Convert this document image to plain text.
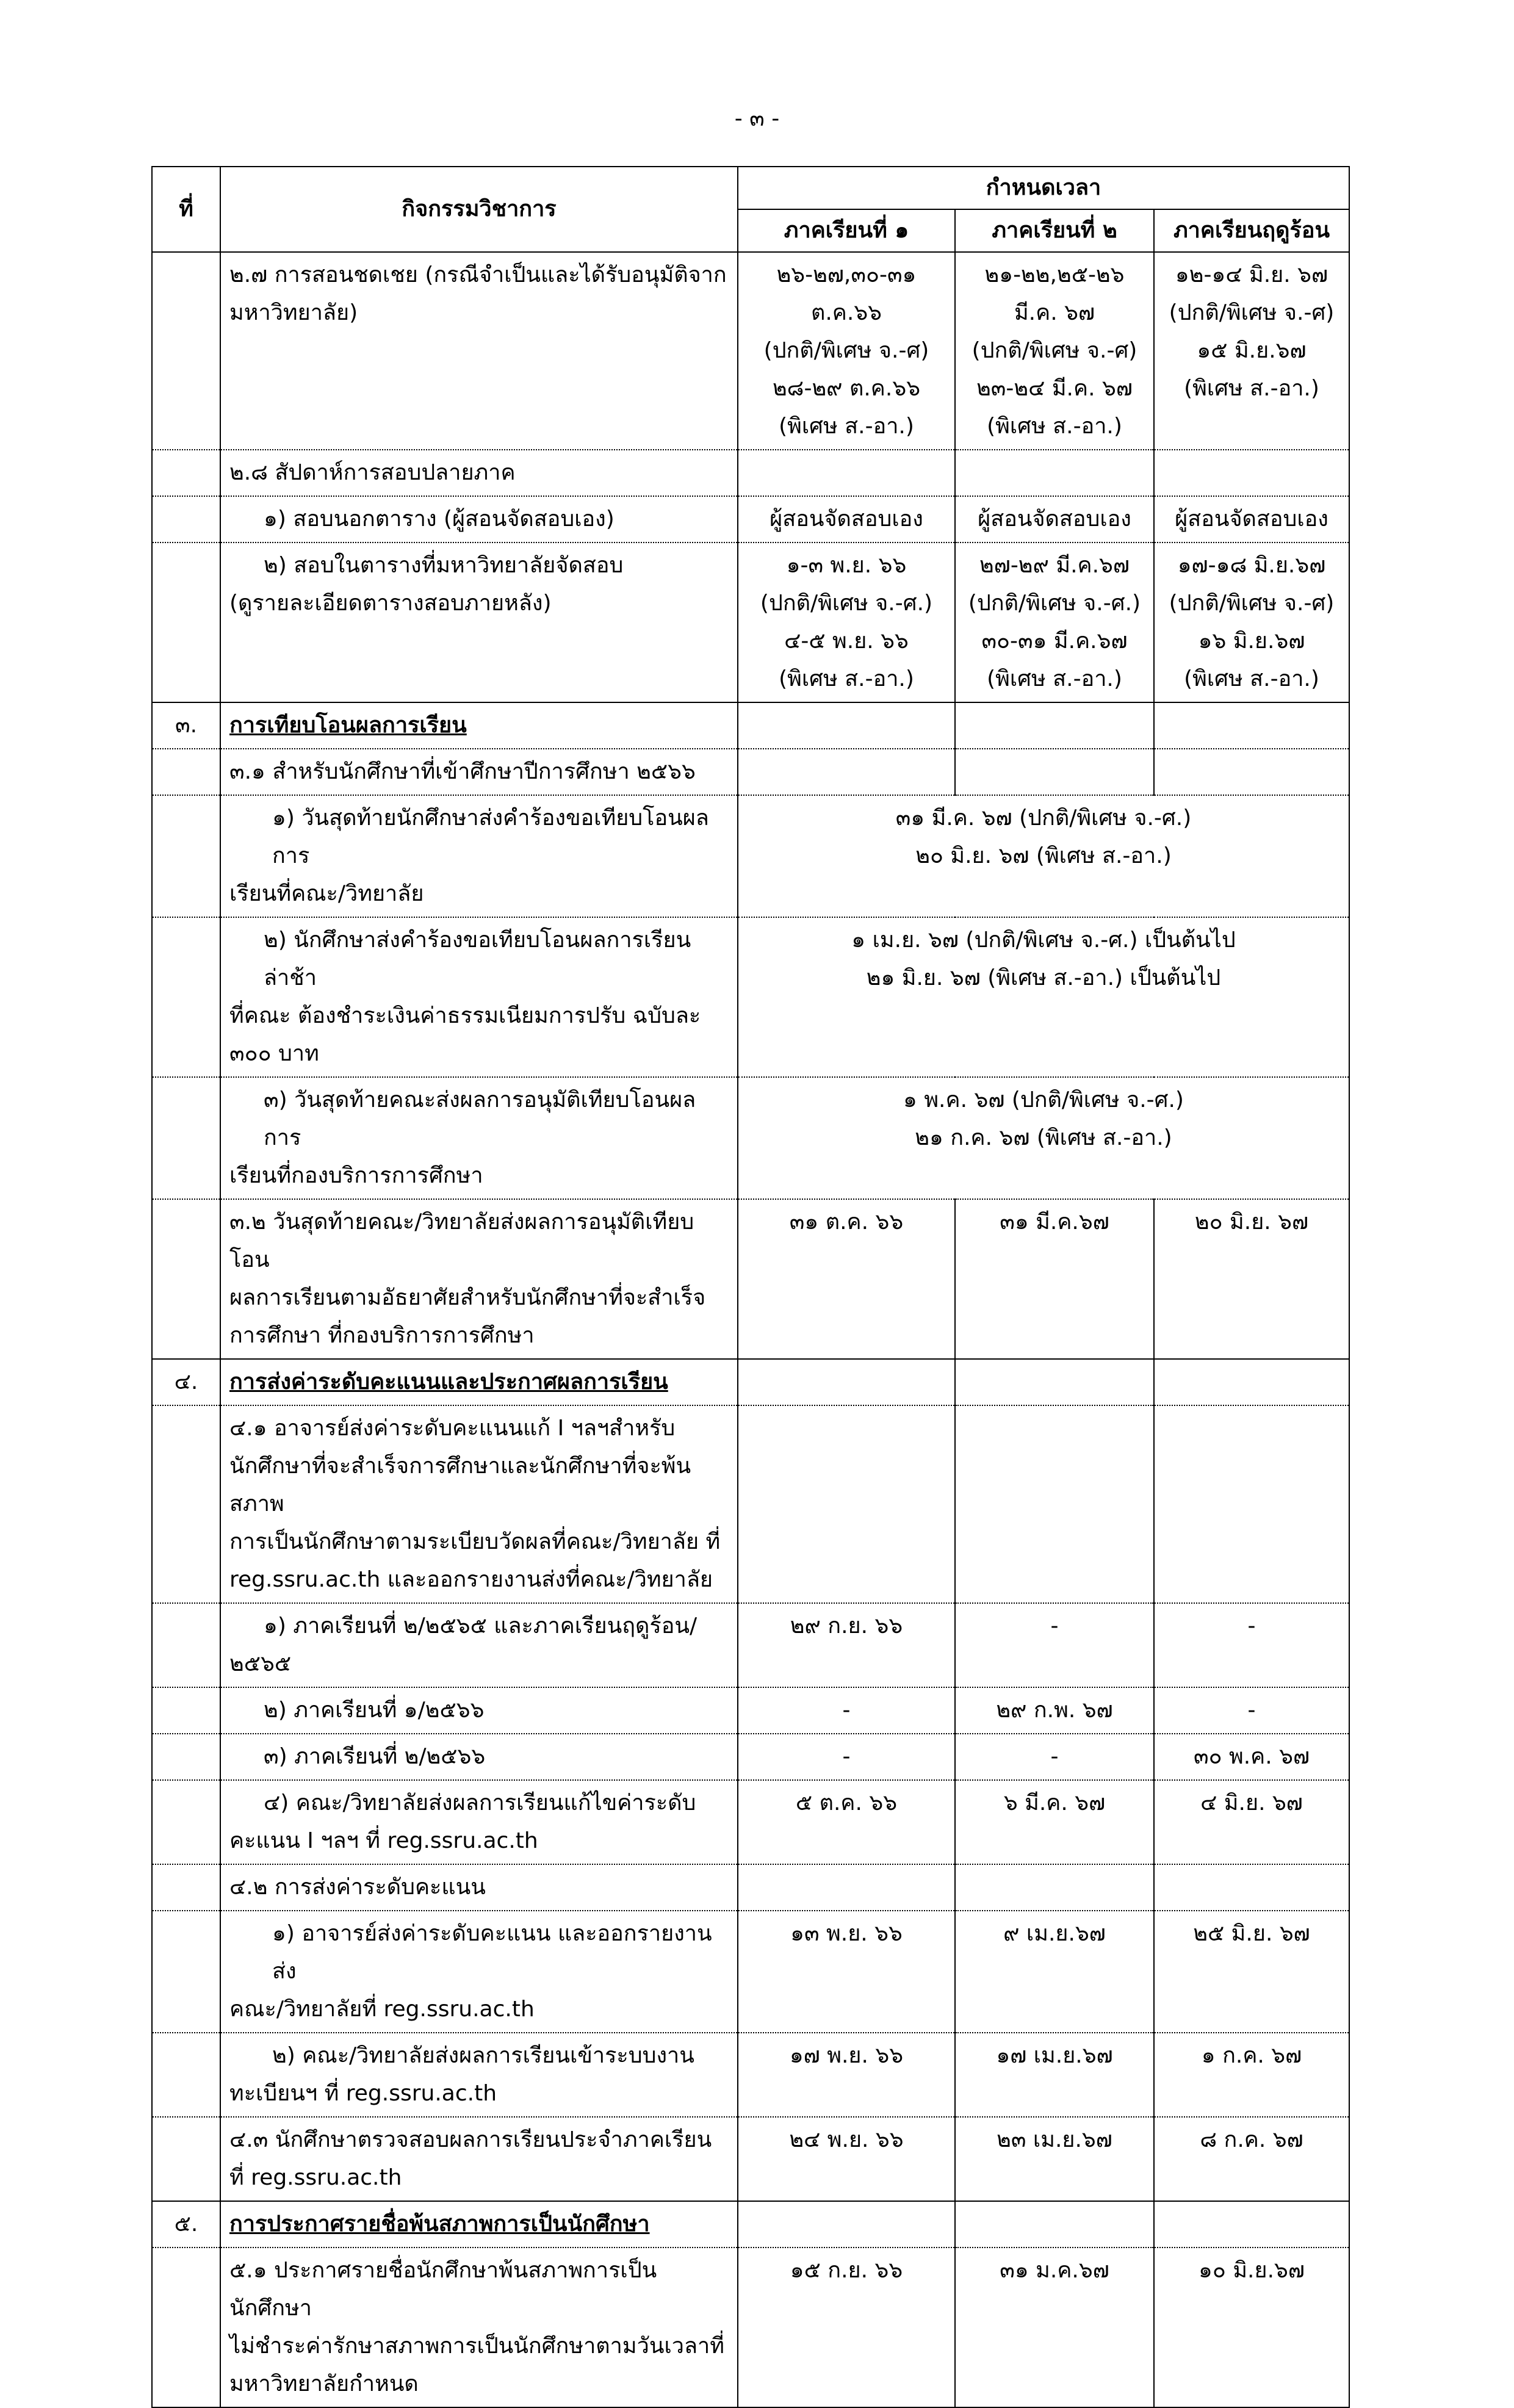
- ๓ -
ที่	กิจกรรมวิชาการ	กำหนดเวลา		
		ภาคเรียนที่ ๑	ภาคเรียนที่ ๒	ภาคเรียนฤดูร้อน

	๒.๗ การสอนชดเชย (กรณีจำเป็นและได้รับอนุมัติจาก
มหาวิทยาลัย)	๒๖-๒๗,๓๐-๓๑
ต.ค.๖๖
(ปกติ/พิเศษ จ.-ศ)
๒๘-๒๙ ต.ค.๖๖
(พิเศษ ส.-อา.)	๒๑-๒๒,๒๕-๒๖
มี.ค. ๖๗
(ปกติ/พิเศษ จ.-ศ)
๒๓-๒๔ มี.ค. ๖๗
(พิเศษ ส.-อา.)	๑๒-๑๔ มิ.ย. ๖๗
(ปกติ/พิเศษ จ.-ศ)
๑๕ มิ.ย.๖๗
(พิเศษ ส.-อา.)

	๒.๘ สัปดาห์การสอบปลายภาค			
	๑) สอบนอกตาราง (ผู้สอนจัดสอบเอง)	ผู้สอนจัดสอบเอง	ผู้สอนจัดสอบเอง	ผู้สอนจัดสอบเอง

	๒) สอบในตารางที่มหาวิทยาลัยจัดสอบ
(ดูรายละเอียดตารางสอบภายหลัง)	๑-๓ พ.ย. ๖๖
(ปกติ/พิเศษ จ.-ศ.)
๔-๕ พ.ย. ๖๖
(พิเศษ ส.-อา.)	๒๗-๒๙ มี.ค.๖๗
(ปกติ/พิเศษ จ.-ศ.)
๓๐-๓๑ มี.ค.๖๗
(พิเศษ ส.-อา.)	๑๗-๑๘ มิ.ย.๖๗
(ปกติ/พิเศษ จ.-ศ)
๑๖ มิ.ย.๖๗
(พิเศษ ส.-อา.)

๓.	การเทียบโอนผลการเรียน			
	๓.๑ สำหรับนักศึกษาที่เข้าศึกษาปีการศึกษา ๒๕๖๖			

	๑) วันสุดท้ายนักศึกษาส่งคำร้องขอเทียบโอนผลการ
เรียนที่คณะ/วิทยาลัย	๓๑ มี.ค. ๖๗ (ปกติ/พิเศษ จ.-ศ.)
๒๐ มิ.ย. ๖๗ (พิเศษ ส.-อา.)		

	๒) นักศึกษาส่งคำร้องขอเทียบโอนผลการเรียนล่าช้า
ที่คณะ ต้องชำระเงินค่าธรรมเนียมการปรับ ฉบับละ
๓๐๐ บาท	๑ เม.ย. ๖๗ (ปกติ/พิเศษ จ.-ศ.) เป็นต้นไป
๒๑ มิ.ย. ๖๗ (พิเศษ ส.-อา.) เป็นต้นไป		

	๓) วันสุดท้ายคณะส่งผลการอนุมัติเทียบโอนผลการ
เรียนที่กองบริการการศึกษา	๑ พ.ค. ๖๗ (ปกติ/พิเศษ จ.-ศ.)
๒๑ ก.ค. ๖๗ (พิเศษ ส.-อา.)		

	๓.๒ วันสุดท้ายคณะ/วิทยาลัยส่งผลการอนุมัติเทียบโอน
ผลการเรียนตามอัธยาศัยสำหรับนักศึกษาที่จะสำเร็จ
การศึกษา ที่กองบริการการศึกษา	๓๑ ต.ค. ๖๖	๓๑ มี.ค.๖๗	๒๐ มิ.ย. ๖๗
๔.	การส่งค่าระดับคะแนนและประกาศผลการเรียน			

	๔.๑ อาจารย์ส่งค่าระดับคะแนนแก้ I ฯลฯสำหรับ
นักศึกษาที่จะสำเร็จการศึกษาและนักศึกษาที่จะพ้นสภาพ
การเป็นนักศึกษาตามระเบียบวัดผลที่คณะ/วิทยาลัย ที่
reg.ssru.ac.th และออกรายงานส่งที่คณะ/วิทยาลัย			

	๑) ภาคเรียนที่ ๒/๒๕๖๕ และภาคเรียนฤดูร้อน/
๒๕๖๕	๒๙ ก.ย. ๖๖	-	-
	๒) ภาคเรียนที่ ๑/๒๕๖๖	-	๒๙ ก.พ. ๖๗	-
	๓) ภาคเรียนที่ ๒/๒๕๖๖	-	-	๓๐ พ.ค. ๖๗

	๔) คณะ/วิทยาลัยส่งผลการเรียนแก้ไขค่าระดับ
คะแนน I ฯลฯ ที่ reg.ssru.ac.th	๕ ต.ค. ๖๖	๖ มี.ค. ๖๗	๔ มิ.ย. ๖๗
	๔.๒ การส่งค่าระดับคะแนน			

	๑) อาจารย์ส่งค่าระดับคะแนน และออกรายงานส่ง
คณะ/วิทยาลัยที่ reg.ssru.ac.th	๑๓ พ.ย. ๖๖	๙ เม.ย.๖๗	๒๕ มิ.ย. ๖๗

	๒) คณะ/วิทยาลัยส่งผลการเรียนเข้าระบบงาน
ทะเบียนฯ ที่ reg.ssru.ac.th	๑๗ พ.ย. ๖๖	๑๗ เม.ย.๖๗	๑ ก.ค. ๖๗

	๔.๓ นักศึกษาตรวจสอบผลการเรียนประจำภาคเรียน
ที่ reg.ssru.ac.th	๒๔ พ.ย. ๖๖	๒๓ เม.ย.๖๗	๘ ก.ค. ๖๗
๕.	การประกาศรายชื่อพ้นสภาพการเป็นนักศึกษา			

	๕.๑ ประกาศรายชื่อนักศึกษาพ้นสภาพการเป็นนักศึกษา
ไม่ชำระค่ารักษาสภาพการเป็นนักศึกษาตามวันเวลาที่
มหาวิทยาลัยกำหนด	๑๕ ก.ย. ๖๖	๓๑ ม.ค.๖๗	๑๐ มิ.ย.๖๗
